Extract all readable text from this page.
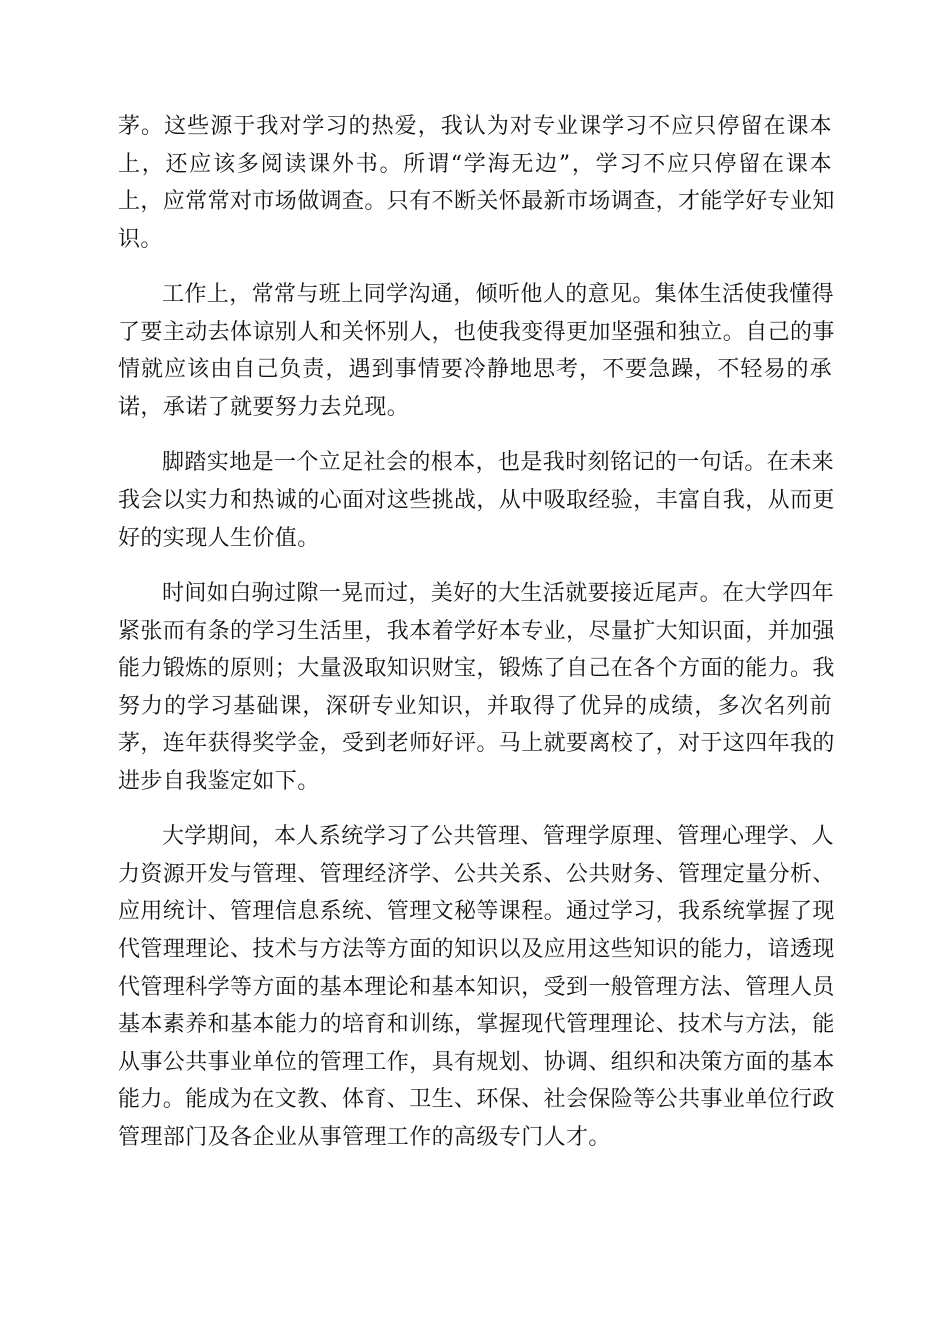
茅。这些源于我对学习的热爱，我认为对专业课学习不应只停留在课本
上，还应该多阅读课外书。所谓“学海无边”，学习不应只停留在课本
上，应常常对市场做调查。只有不断关怀最新市场调查，才能学好专业知
识。
工作上，常常与班上同学沟通，倾听他人的意见。集体生活使我懂得
了要主动去体谅别人和关怀别人，也使我变得更加坚强和独立。自己的事
情就应该由自己负责，遇到事情要冷静地思考，不要急躁，不轻易的承
诺，承诺了就要努力去兑现。
脚踏实地是一个立足社会的根本，也是我时刻铭记的一句话。在未来
我会以实力和热诚的心面对这些挑战，从中吸取经验，丰富自我，从而更
好的实现人生价值。
时间如白驹过隙一晃而过，美好的大生活就要接近尾声。在大学四年
紧张而有条的学习生活里，我本着学好本专业，尽量扩大知识面，并加强
能力锻炼的原则；大量汲取知识财宝，锻炼了自己在各个方面的能力。我
努力的学习基础课，深研专业知识，并取得了优异的成绩，多次名列前
茅，连年获得奖学金，受到老师好评。马上就要离校了，对于这四年我的
进步自我鉴定如下。
大学期间，本人系统学习了公共管理、管理学原理、管理心理学、人
力资源开发与管理、管理经济学、公共关系、公共财务、管理定量分析、
应用统计、管理信息系统、管理文秘等课程。通过学习，我系统掌握了现
代管理理论、技术与方法等方面的知识以及应用这些知识的能力，谙透现
代管理科学等方面的基本理论和基本知识，受到一般管理方法、管理人员
基本素养和基本能力的培育和训练，掌握现代管理理论、技术与方法，能
从事公共事业单位的管理工作，具有规划、协调、组织和决策方面的基本
能力。能成为在文教、体育、卫生、环保、社会保险等公共事业单位行政
管理部门及各企业从事管理工作的高级专门人才。
